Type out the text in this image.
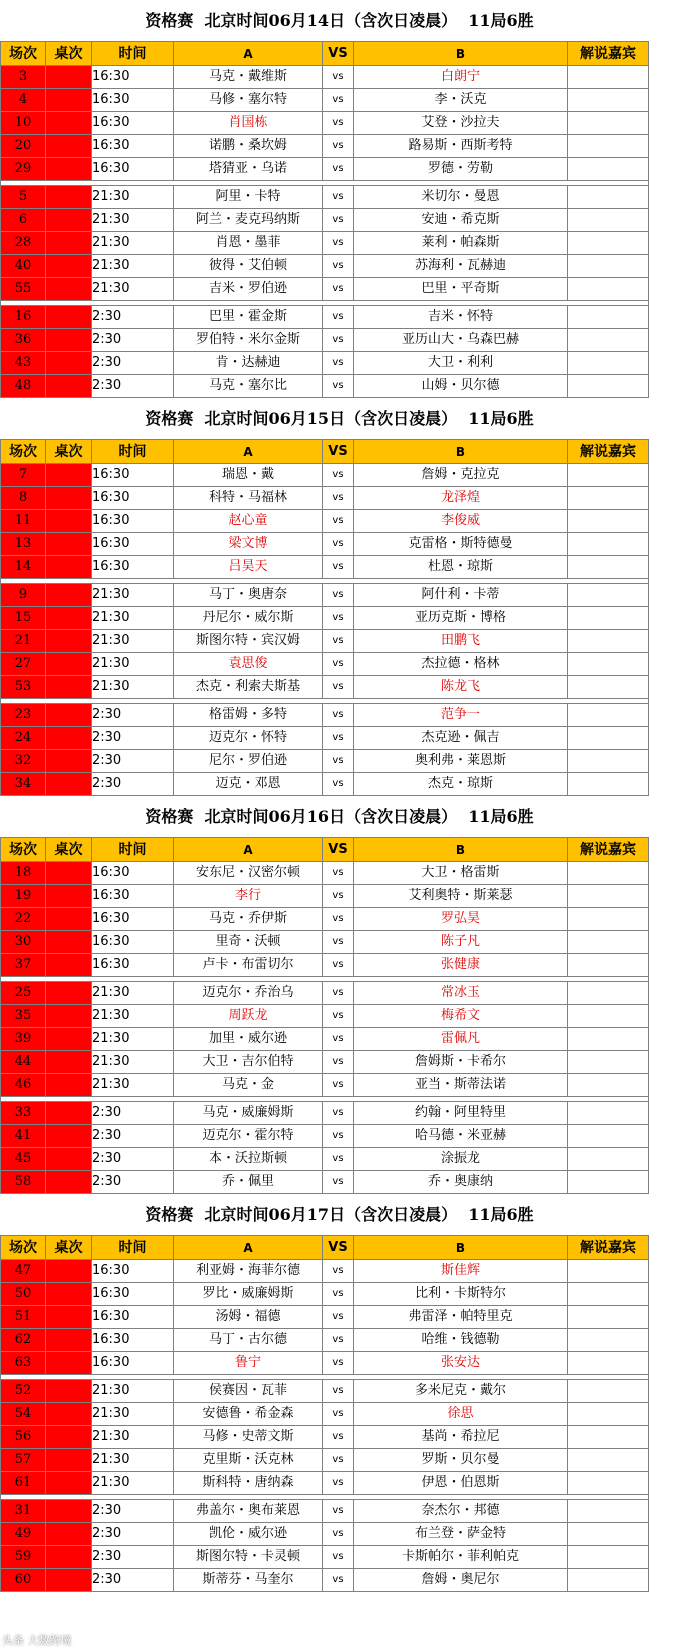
资格赛  北京时间06月14日（含次日凌晨）  11局6胜
场次	桌次	时间	A	VS	B	解说嘉宾
3		16:30	马克・戴维斯	vs	白朗宁	
4		16:30	马修・塞尔特	vs	李・沃克	
10		16:30	肖国栋	vs	艾登・沙拉夫	
20		16:30	诺鹏・桑坎姆	vs	路易斯・西斯考特	
29		16:30	塔猜亚・乌诺	vs	罗德・劳勒	

5		21:30	阿里・卡特	vs	米切尔・曼恩	
6		21:30	阿兰・麦克玛纳斯	vs	安迪・希克斯	
28		21:30	肖恩・墨菲	vs	莱利・帕森斯	
40		21:30	彼得・艾伯顿	vs	苏海利・瓦赫迪	
55		21:30	吉米・罗伯逊	vs	巴里・平奇斯	

16		2:30	巴里・霍金斯	vs	吉米・怀特	
36		2:30	罗伯特・米尔金斯	vs	亚历山大・乌森巴赫	
43		2:30	肯・达赫迪	vs	大卫・利利	
48		2:30	马克・塞尔比	vs	山姆・贝尔德	
资格赛  北京时间06月15日（含次日凌晨）  11局6胜
场次	桌次	时间	A	VS	B	解说嘉宾
7		16:30	瑞恩・戴	vs	詹姆・克拉克	
8		16:30	科特・马福林	vs	龙泽煌	
11		16:30	赵心童	vs	李俊威	
13		16:30	梁文博	vs	克雷格・斯特德曼	
14		16:30	吕昊天	vs	杜恩・琼斯	

9		21:30	马丁・奥唐奈	vs	阿什利・卡蒂	
15		21:30	丹尼尔・威尔斯	vs	亚历克斯・博格	
21		21:30	斯图尔特・宾汉姆	vs	田鹏飞	
27		21:30	袁思俊	vs	杰拉德・格林	
53		21:30	杰克・利索夫斯基	vs	陈龙飞	

23		2:30	格雷姆・多特	vs	范争一	
24		2:30	迈克尔・怀特	vs	杰克逊・佩吉	
32		2:30	尼尔・罗伯逊	vs	奥利弗・莱恩斯	
34		2:30	迈克・邓恩	vs	杰克・琼斯	
资格赛  北京时间06月16日（含次日凌晨）  11局6胜
场次	桌次	时间	A	VS	B	解说嘉宾
18		16:30	安东尼・汉密尔顿	vs	大卫・格雷斯	
19		16:30	李行	vs	艾利奥特・斯莱瑟	
22		16:30	马克・乔伊斯	vs	罗弘昊	
30		16:30	里奇・沃顿	vs	陈子凡	
37		16:30	卢卡・布雷切尔	vs	张健康	

25		21:30	迈克尔・乔治乌	vs	常冰玉	
35		21:30	周跃龙	vs	梅希文	
39		21:30	加里・威尔逊	vs	雷佩凡	
44		21:30	大卫・吉尔伯特	vs	詹姆斯・卡希尔	
46		21:30	马克・金	vs	亚当・斯蒂法诺	

33		2:30	马克・威廉姆斯	vs	约翰・阿里特里	
41		2:30	迈克尔・霍尔特	vs	哈马德・米亚赫	
45		2:30	本・沃拉斯顿	vs	涂振龙	
58		2:30	乔・佩里	vs	乔・奥康纳	
资格赛  北京时间06月17日（含次日凌晨）  11局6胜
场次	桌次	时间	A	VS	B	解说嘉宾
47		16:30	利亚姆・海菲尔德	vs	斯佳辉	
50		16:30	罗比・威廉姆斯	vs	比利・卡斯特尔	
51		16:30	汤姆・福德	vs	弗雷泽・帕特里克	
62		16:30	马丁・古尔德	vs	哈维・钱德勒	
63		16:30	鲁宁	vs	张安达	

52		21:30	侯赛因・瓦菲	vs	多米尼克・戴尔	
54		21:30	安德鲁・希金森	vs	徐思	
56		21:30	马修・史蒂文斯	vs	基尚・希拉尼	
57		21:30	克里斯・沃克林	vs	罗斯・贝尔曼	
61		21:30	斯科特・唐纳森	vs	伊恩・伯恩斯	

31		2:30	弗盖尔・奥布莱恩	vs	奈杰尔・邦德	
49		2:30	凯伦・威尔逊	vs	布兰登・萨金特	
59		2:30	斯图尔特・卡灵顿	vs	卡斯帕尔・菲利帕克	
60		2:30	斯蒂芬・马奎尔	vs	詹姆・奥尼尔	
头条 大数跨境
